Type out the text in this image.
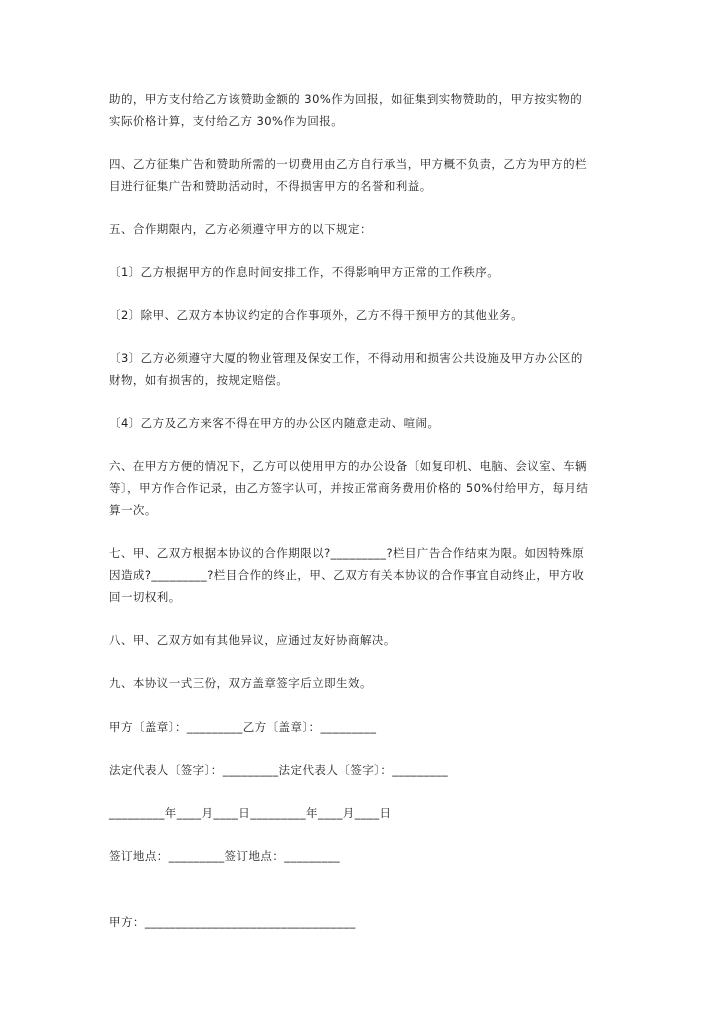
助的，甲方支付给乙方该赞助金额的 30%作为回报，如征集到实物赞助的，甲方按实物的
实际价格计算，支付给乙方 30%作为回报。
四、乙方征集广告和赞助所需的一切费用由乙方自行承当，甲方概不负责，乙方为甲方的栏
目进行征集广告和赞助活动时，不得损害甲方的名誉和利益。
五、合作期限内，乙方必须遵守甲方的以下规定：
〔1〕乙方根据甲方的作息时间安排工作，不得影响甲方正常的工作秩序。
〔2〕除甲、乙双方本协议约定的合作事项外，乙方不得干预甲方的其他业务。
〔3〕乙方必须遵守大厦的物业管理及保安工作，不得动用和损害公共设施及甲方办公区的
财物，如有损害的，按规定赔偿。
〔4〕乙方及乙方来客不得在甲方的办公区内随意走动、喧闹。
六、在甲方方便的情况下，乙方可以使用甲方的办公设备〔如复印机、电脑、会议室、车辆
等〕，甲方作合作记录，由乙方签字认可，并按正常商务费用价格的 50%付给甲方，每月结
算一次。
七、甲、乙双方根据本协议的合作期限以?_________?栏目广告合作结束为限。如因特殊原
因造成?_________?栏目合作的终止，甲、乙双方有关本协议的合作事宜自动终止，甲方收
回一切权利。
八、甲、乙双方如有其他异议，应通过友好协商解决。
九、本协议一式三份，双方盖章签字后立即生效。
甲方〔盖章〕：_________乙方〔盖章〕：_________
法定代表人〔签字〕：_________法定代表人〔签字〕：_________
_________年____月____日_________年____月____日
签订地点：_________签订地点：_________
甲方：__________________________________
